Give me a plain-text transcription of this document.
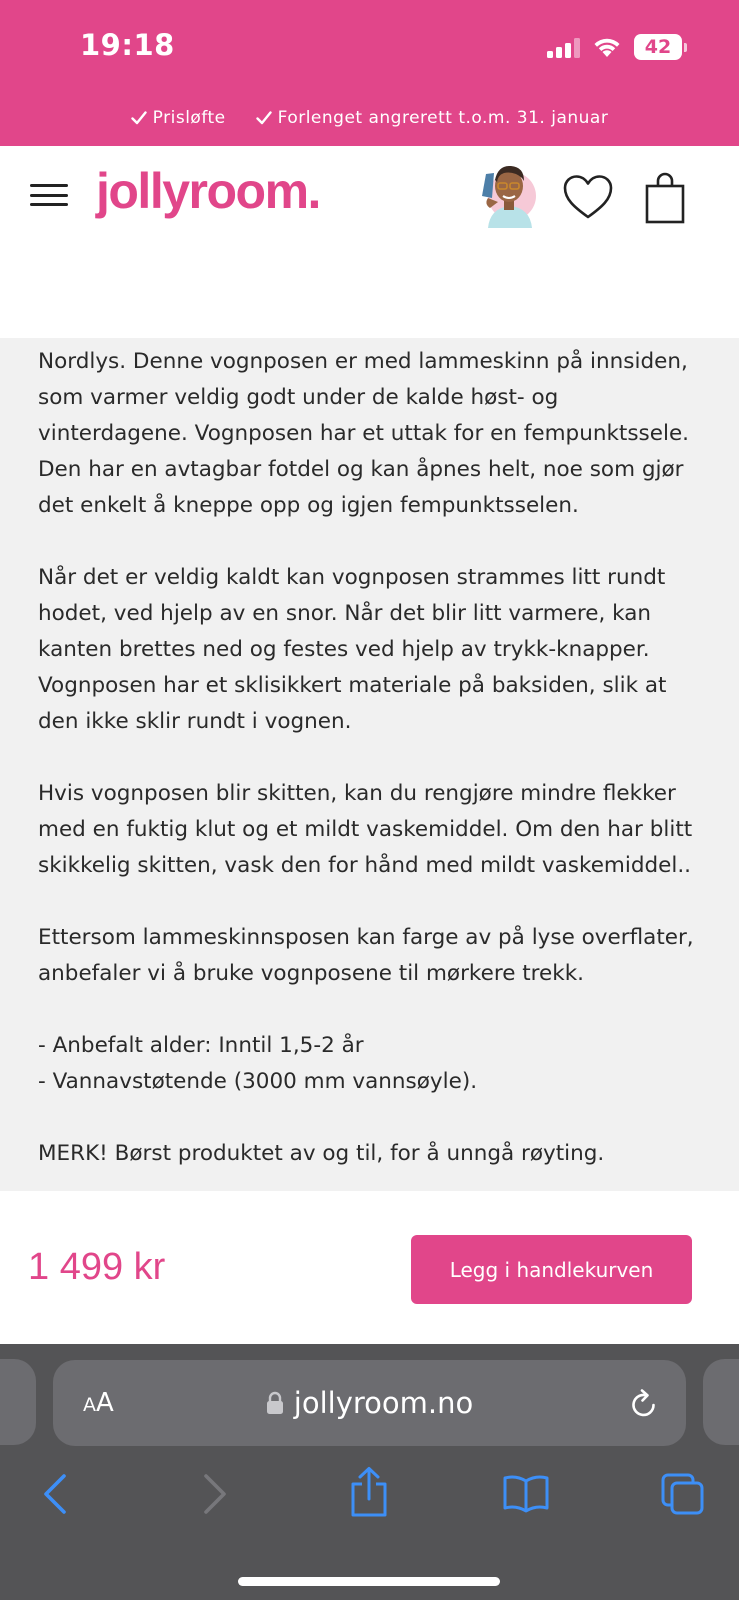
19:18	42
Prisløfte	Forlenget angrerett t.o.m. 31. januar
Hei, hva leter du etter?
jollyroom.

Nordlys. Denne vognposen er med lammeskinn på innsiden, som varmer veldig godt under de kalde høst- og vinterdagene. Vognposen har et uttak for en fempunktssele. Den har en avtagbar fotdel og kan åpnes helt, noe som gjør det enkelt å kneppe opp og igjen fempunktsselen.

Når det er veldig kaldt kan vognposen strammes litt rundt hodet, ved hjelp av en snor. Når det blir litt varmere, kan kanten brettes ned og festes ved hjelp av trykk-knapper. Vognposen har et sklisikkert materiale på baksiden, slik at den ikke sklir rundt i vognen.

Hvis vognposen blir skitten, kan du rengjøre mindre flekker med en fuktig klut og et mildt vaskemiddel. Om den har blitt skikkelig skitten, vask den for hånd med mildt vaskemiddel..

Ettersom lammeskinnsposen kan farge av på lyse overflater, anbefaler vi å bruke vognposene til mørkere trekk.

- Anbefalt alder: Inntil 1,5-2 år
- Vannavstøtende (3000 mm vannsøyle).

MERK! Børst produktet av og til, for å unngå røyting.

1 499 kr	Legg i handlekurven
AA	jollyroom.no
